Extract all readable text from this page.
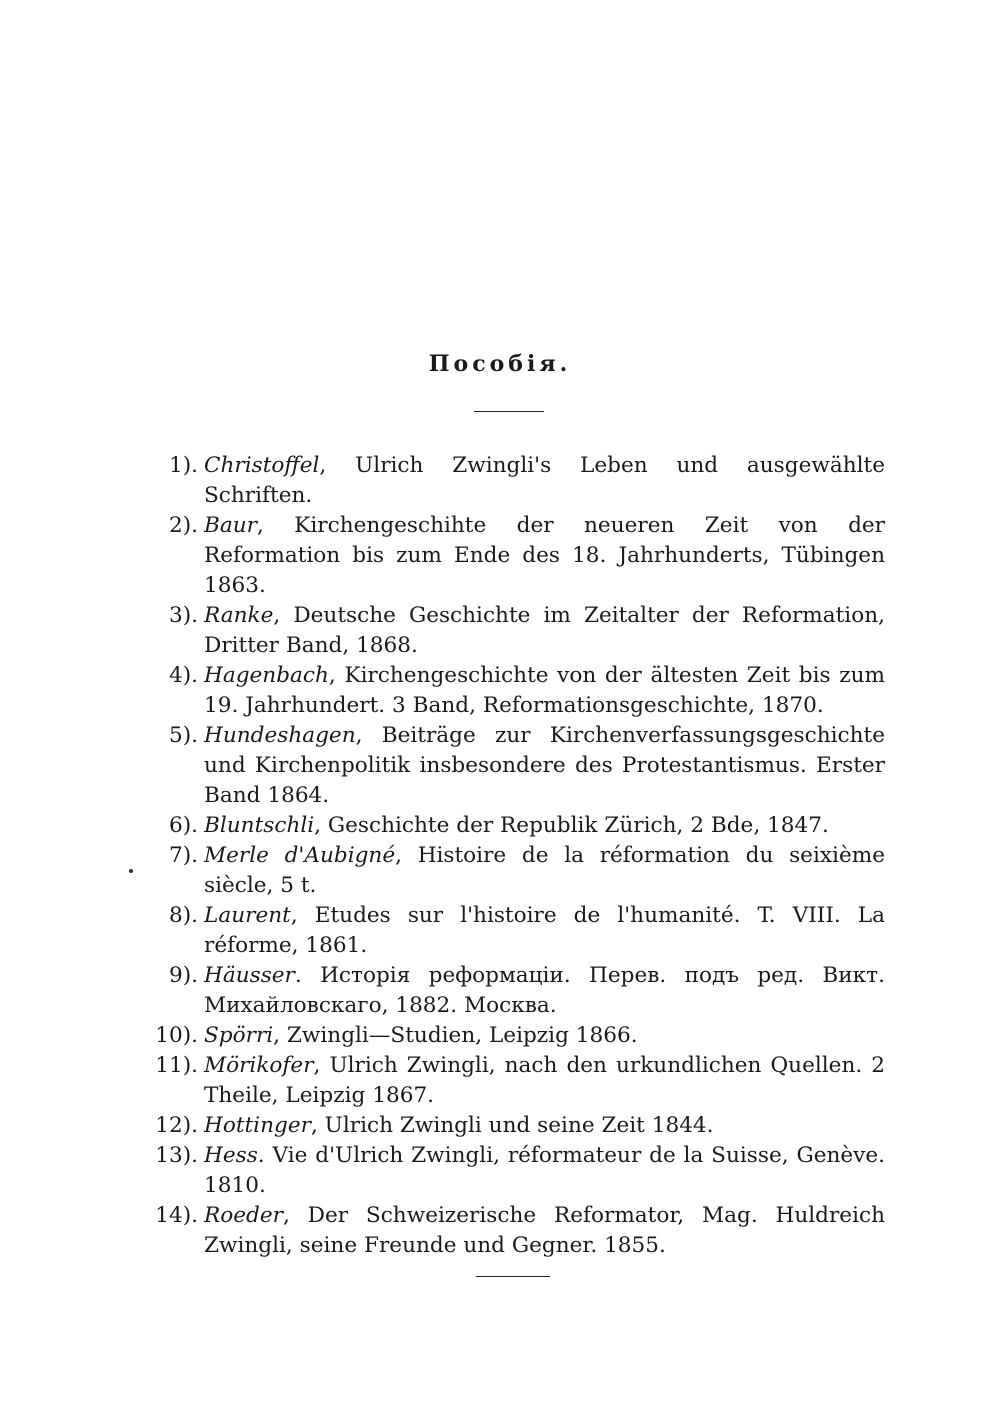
Пособія.
1). Christoffel, Ulrich Zwingli's Leben und ausgewählte Schriften.
2). Baur, Kirchengeschihte der neueren Zeit von der Reformation bis zum Ende des 18. Jahrhunderts, Tübingen 1863.
3). Ranke, Deutsche Geschichte im Zeitalter der Reformation, Dritter Band, 1868.
4). Hagenbach, Kirchengeschichte von der ältesten Zeit bis zum 19. Jahrhundert. 3 Band, Reformationsgeschichte, 1870.
5). Hundeshagen, Beiträge zur Kirchenverfassungsgeschichte und Kirchenpolitik insbesondere des Protestantismus. Erster Band 1864.
6). Bluntschli, Geschichte der Republik Zürich, 2 Bde, 1847.
7). Merle d'Aubigné, Histoire de la réformation du seixième siècle, 5 t.
8). Laurent, Etudes sur l'histoire de l'humanité. T. VIII. La réforme, 1861.
9). Häusser. Исторія реформаціи. Перев. подъ ред. Викт. Михайловскаго, 1882. Москва.
10). Spörri, Zwingli—Studien, Leipzig 1866.
11). Mörikofer, Ulrich Zwingli, nach den urkundlichen Quellen. 2 Theile, Leipzig 1867.
12). Hottinger, Ulrich Zwingli und seine Zeit 1844.
13). Hess. Vie d'Ulrich Zwingli, réformateur de la Suisse, Genève. 1810.
14). Roeder, Der Schweizerische Reformator, Mag. Huldreich Zwingli, seine Freunde und Gegner. 1855.
